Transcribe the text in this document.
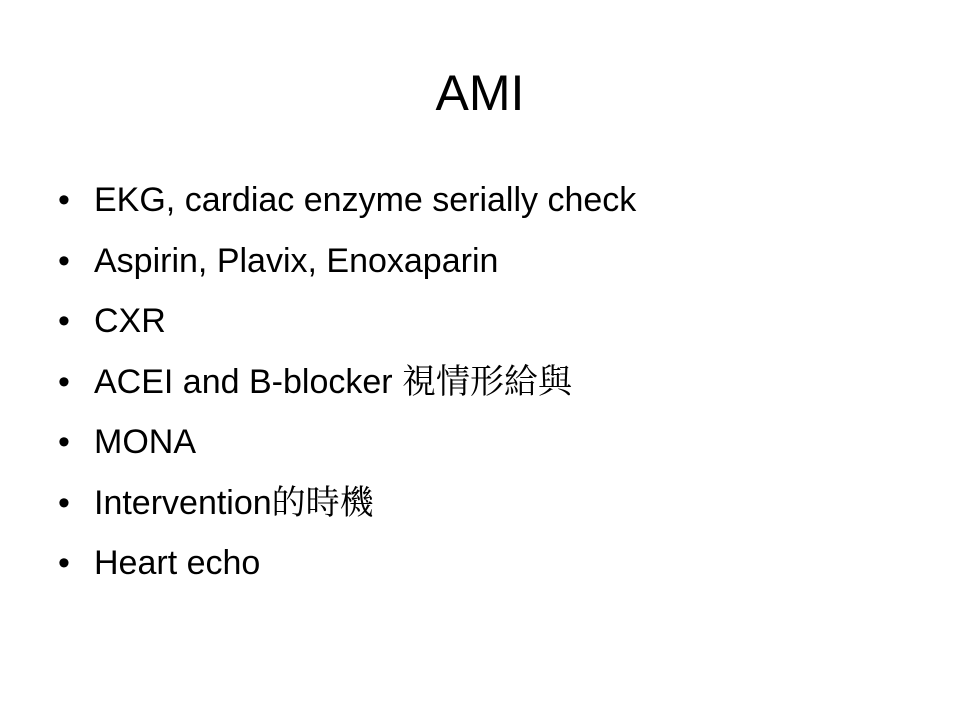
AMI
• EKG, cardiac enzyme serially check
• Aspirin, Plavix, Enoxaparin
• CXR
• ACEI and B-blocker 視情形給與
• MONA
• Intervention的時機
• Heart echo
